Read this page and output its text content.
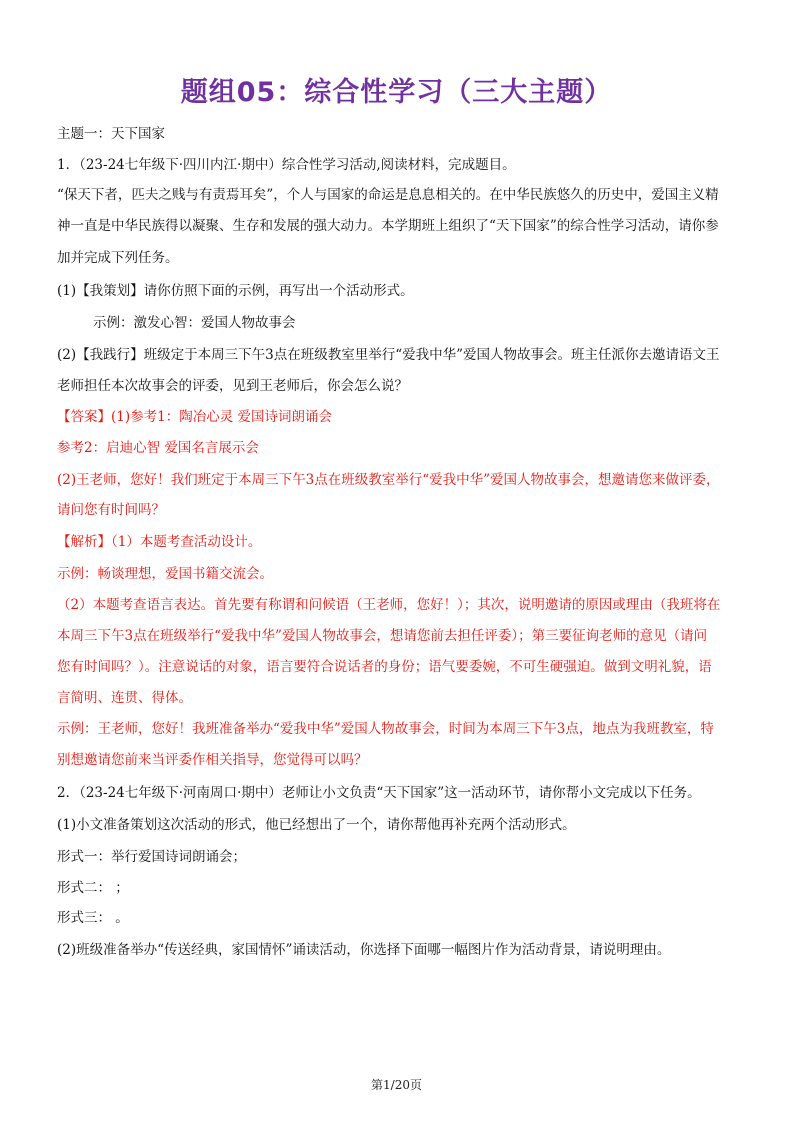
题组05：综合性学习（三大主题）
主题一：天下国家
1．（23-24七年级下·四川内江·期中）综合性学习活动,阅读材料，完成题目。
“保天下者，匹夫之贱与有责焉耳矣”，个人与国家的命运是息息相关的。在中华民族悠久的历史中，爱国主义精
神一直是中华民族得以凝聚、生存和发展的强大动力。本学期班上组织了“天下国家”的综合性学习活动，请你参
加并完成下列任务。
(1)【我策划】请你仿照下面的示例，再写出一个活动形式。
示例：激发心智：爱国人物故事会
(2)【我践行】班级定于本周三下午3点在班级教室里举行“爱我中华”爱国人物故事会。班主任派你去邀请语文王
老师担任本次故事会的评委，见到王老师后，你会怎么说？
【答案】(1)参考1：陶冶心灵 爱国诗词朗诵会
参考2：启迪心智 爱国名言展示会
(2)王老师，您好！我们班定于本周三下午3点在班级教室举行“爱我中华”爱国人物故事会，想邀请您来做评委，
请问您有时间吗？
【解析】（1）本题考查活动设计。
示例：畅谈理想，爱国书籍交流会。
（2）本题考查语言表达。首先要有称谓和问候语（王老师，您好！）；其次，说明邀请的原因或理由（我班将在
本周三下午3点在班级举行“爱我中华”爱国人物故事会，想请您前去担任评委）；第三要征询老师的意见（请问
您有时间吗？）。注意说话的对象，语言要符合说话者的身份；语气要委婉，不可生硬强迫。做到文明礼貌，语
言简明、连贯、得体。
示例：王老师，您好！我班准备举办“爱我中华”爱国人物故事会，时间为本周三下午3点，地点为我班教室，特
别想邀请您前来当评委作相关指导，您觉得可以吗？
2．（23-24七年级下·河南周口·期中）老师让小文负责“天下国家”这一活动环节，请你帮小文完成以下任务。
(1)小文准备策划这次活动的形式，他已经想出了一个，请你帮他再补充两个活动形式。
形式一：举行爱国诗词朗诵会；
形式二： ；
形式三： 。
(2)班级准备举办“传送经典，家国情怀”诵读活动，你选择下面哪一幅图片作为活动背景，请说明理由。
第1/20页
